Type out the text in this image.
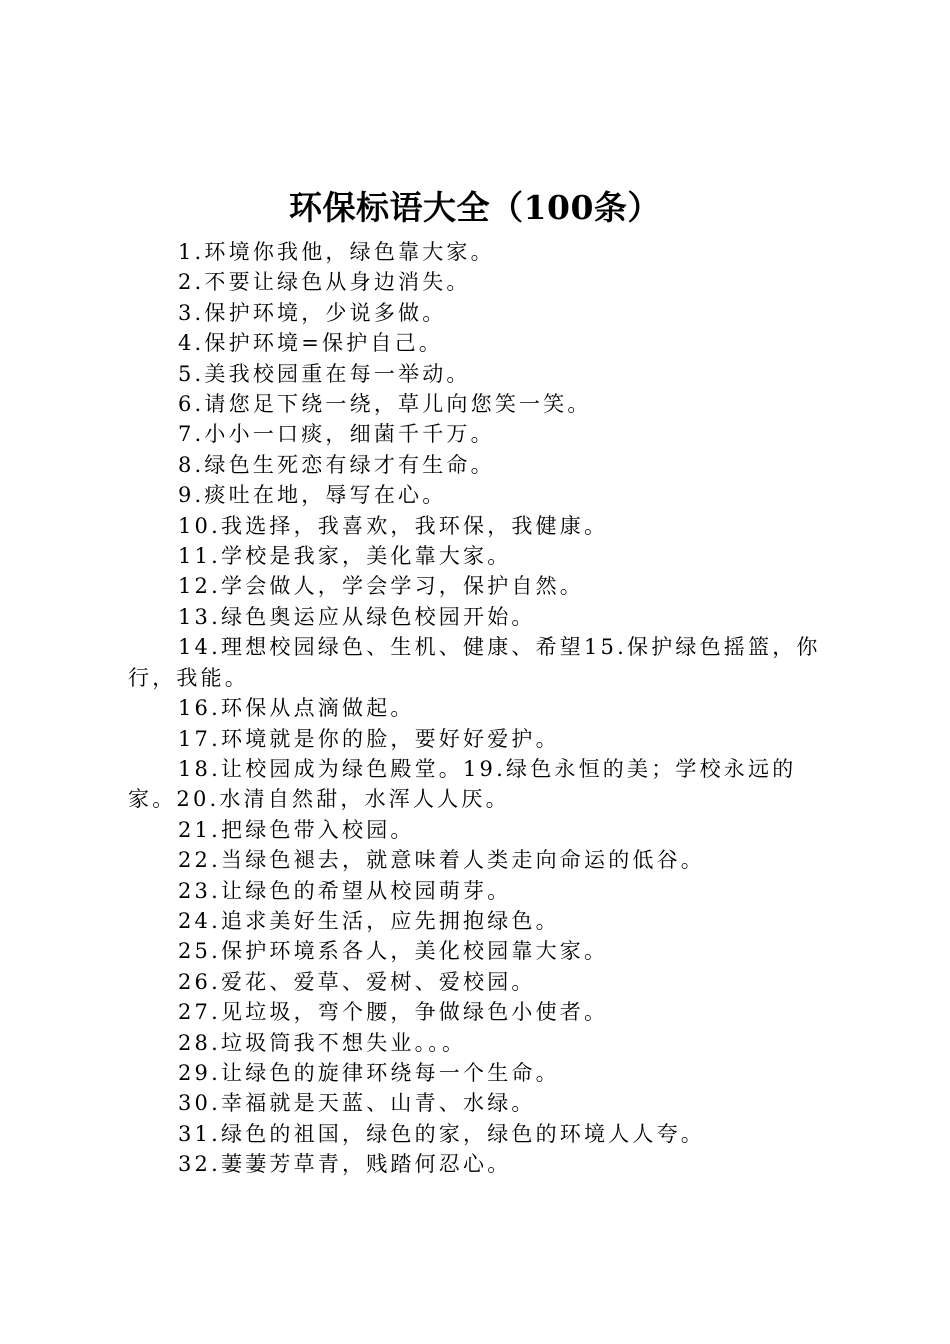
环保标语大全（100条）

1.环境你我他，绿色靠大家。

2.不要让绿色从身边消失。

3.保护环境，少说多做。

4.保护环境=保护自己。

5.美我校园重在每一举动。

6.请您足下绕一绕，草儿向您笑一笑。

7.小小一口痰，细菌千千万。

8.绿色生死恋有绿才有生命。

9.痰吐在地，辱写在心。

10.我选择，我喜欢，我环保，我健康。

11.学校是我家，美化靠大家。

12.学会做人，学会学习，保护自然。

13.绿色奥运应从绿色校园开始。

14.理想校园绿色、生机、健康、希望15.保护绿色摇篮，你行，我能。

16.环保从点滴做起。

17.环境就是你的脸，要好好爱护。

18.让校园成为绿色殿堂。19.绿色永恒的美；学校永远的家。20.水清自然甜，水浑人人厌。

21.把绿色带入校园。

22.当绿色褪去，就意味着人类走向命运的低谷。

23.让绿色的希望从校园萌芽。

24.追求美好生活，应先拥抱绿色。

25.保护环境系各人，美化校园靠大家。

26.爱花、爱草、爱树、爱校园。

27.见垃圾，弯个腰，争做绿色小使者。

28.垃圾筒我不想失业。。。

29.让绿色的旋律环绕每一个生命。

30.幸福就是天蓝、山青、水绿。

31.绿色的祖国，绿色的家，绿色的环境人人夸。

32.萋萋芳草青，贱踏何忍心。
